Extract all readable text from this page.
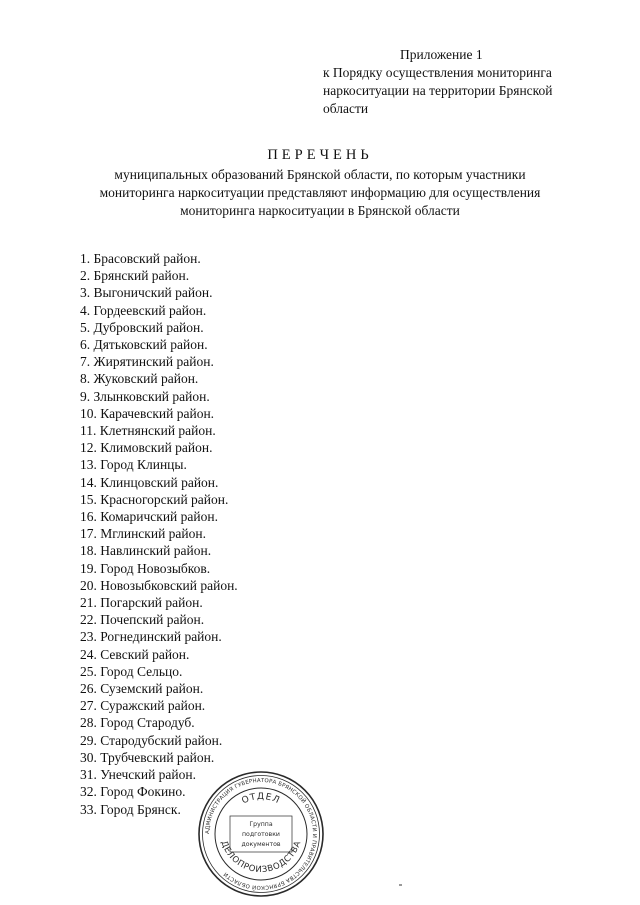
Приложение 1
к Порядку осуществления мониторинга
наркоситуации на территории Брянской
области
ПЕРЕЧЕНЬ
муниципальных образований Брянской области, по которым участники
мониторинга наркоситуации представляют информацию для осуществления
мониторинга наркоситуации в Брянской области
1. Брасовский район.
2. Брянский район.
3. Выгоничский район.
4. Гордеевский район.
5. Дубровский район.
6. Дятьковский район.
7. Жирятинский район.
8. Жуковский район.
9. Злынковский район.
10. Карачевский район.
11. Клетнянский район.
12. Климовский район.
13. Город Клинцы.
14. Клинцовский район.
15. Красногорский район.
16. Комаричский район.
17. Мглинский район.
18. Навлинский район.
19. Город Новозыбков.
20. Новозыбковский район.
21. Погарский район.
22. Почепский район.
23. Рогнединский район.
24. Севский район.
25. Город Сельцо.
26. Суземский район.
27. Суражский район.
28. Город Стародуб.
29. Стародубский район.
30. Трубчевский район.
31. Унечский район.
32. Город Фокино.
33. Город Брянск.
АДМИНИСТРАЦИЯ ГУБЕРНАТОРА БРЯНСКОЙ ОБЛАСТИ И ПРАВИТЕЛЬСТВА БРЯНСКОЙ ОБЛАСТИ
ОТДЕЛ
ДЕЛОПРОИЗВОДСТВА
Группа
подготовки
документов
